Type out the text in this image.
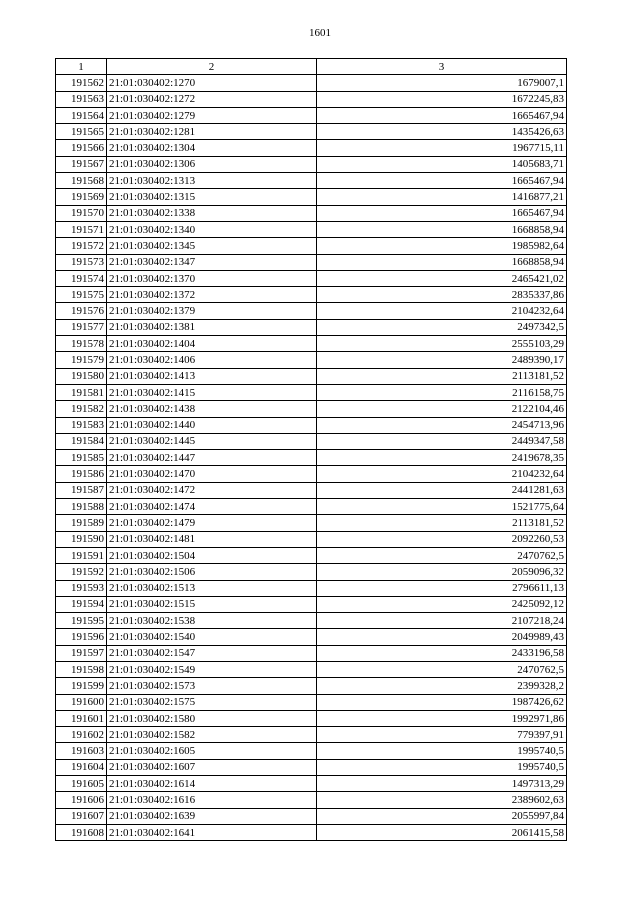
1601
1	2	3
191562	21:01:030402:1270	1679007,1
191563	21:01:030402:1272	1672245,83
191564	21:01:030402:1279	1665467,94
191565	21:01:030402:1281	1435426,63
191566	21:01:030402:1304	1967715,11
191567	21:01:030402:1306	1405683,71
191568	21:01:030402:1313	1665467,94
191569	21:01:030402:1315	1416877,21
191570	21:01:030402:1338	1665467,94
191571	21:01:030402:1340	1668858,94
191572	21:01:030402:1345	1985982,64
191573	21:01:030402:1347	1668858,94
191574	21:01:030402:1370	2465421,02
191575	21:01:030402:1372	2835337,86
191576	21:01:030402:1379	2104232,64
191577	21:01:030402:1381	2497342,5
191578	21:01:030402:1404	2555103,29
191579	21:01:030402:1406	2489390,17
191580	21:01:030402:1413	2113181,52
191581	21:01:030402:1415	2116158,75
191582	21:01:030402:1438	2122104,46
191583	21:01:030402:1440	2454713,96
191584	21:01:030402:1445	2449347,58
191585	21:01:030402:1447	2419678,35
191586	21:01:030402:1470	2104232,64
191587	21:01:030402:1472	2441281,63
191588	21:01:030402:1474	1521775,64
191589	21:01:030402:1479	2113181,52
191590	21:01:030402:1481	2092260,53
191591	21:01:030402:1504	2470762,5
191592	21:01:030402:1506	2059096,32
191593	21:01:030402:1513	2796611,13
191594	21:01:030402:1515	2425092,12
191595	21:01:030402:1538	2107218,24
191596	21:01:030402:1540	2049989,43
191597	21:01:030402:1547	2433196,58
191598	21:01:030402:1549	2470762,5
191599	21:01:030402:1573	2399328,2
191600	21:01:030402:1575	1987426,62
191601	21:01:030402:1580	1992971,86
191602	21:01:030402:1582	779397,91
191603	21:01:030402:1605	1995740,5
191604	21:01:030402:1607	1995740,5
191605	21:01:030402:1614	1497313,29
191606	21:01:030402:1616	2389602,63
191607	21:01:030402:1639	2055997,84
191608	21:01:030402:1641	2061415,58
